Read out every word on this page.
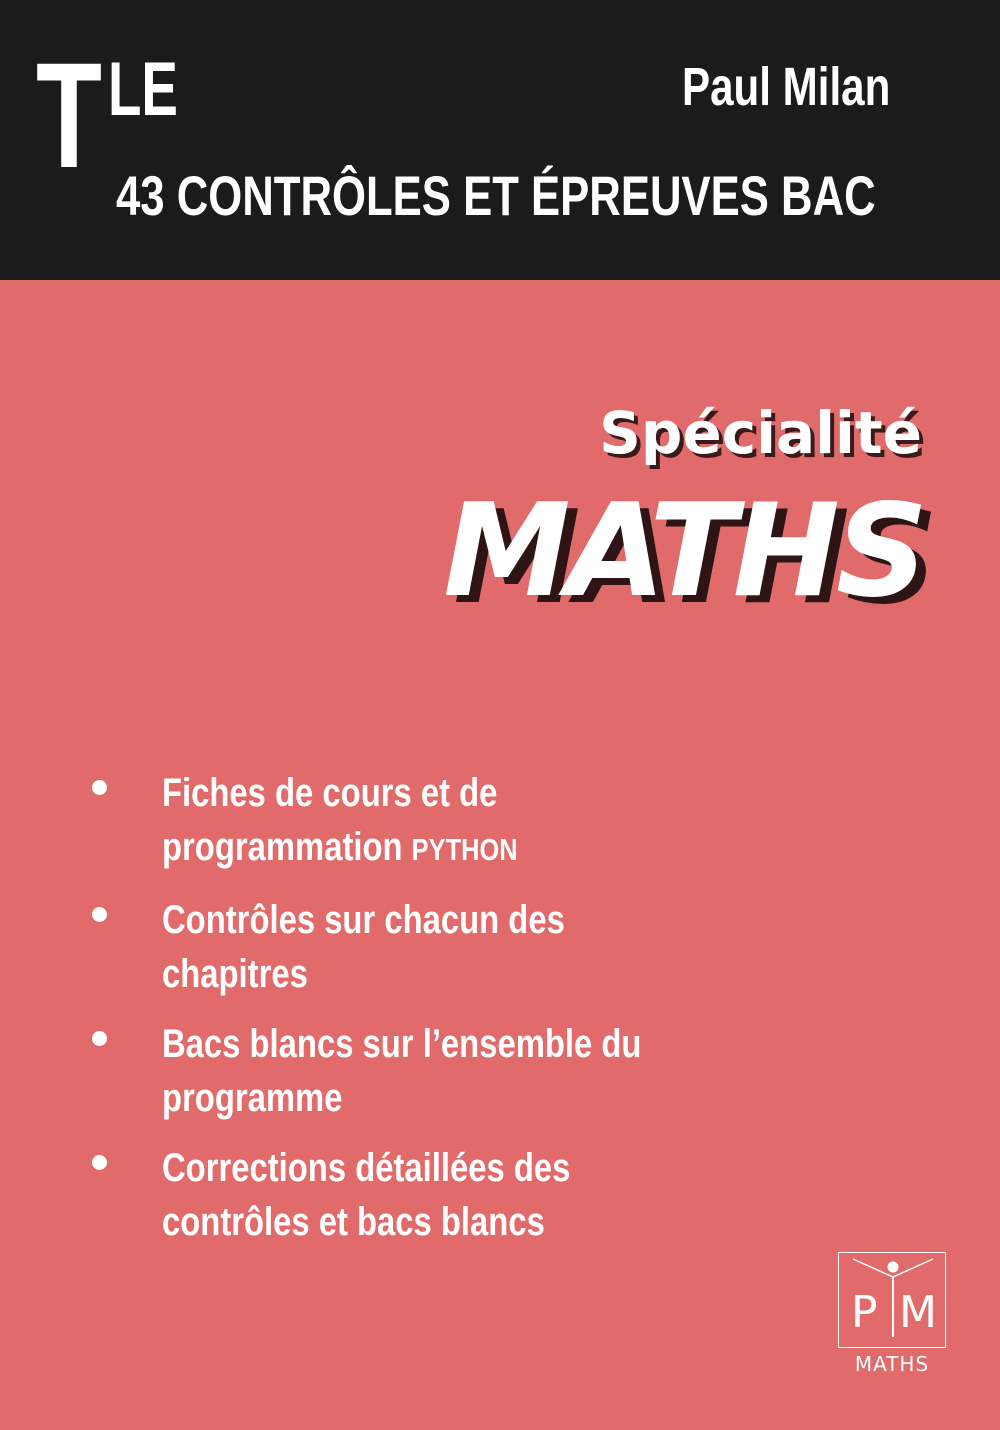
T LE	Paul Milan
43 CONTRÔLES ET ÉPREUVES BAC
Spécialité
MATHS
Fiches de cours et de
programmation PYTHON
Contrôles sur chacun des
chapitres
Bacs blancs sur l’ensemble du
programme
Corrections détaillées des
contrôles et bacs blancs
P M
MATHS
